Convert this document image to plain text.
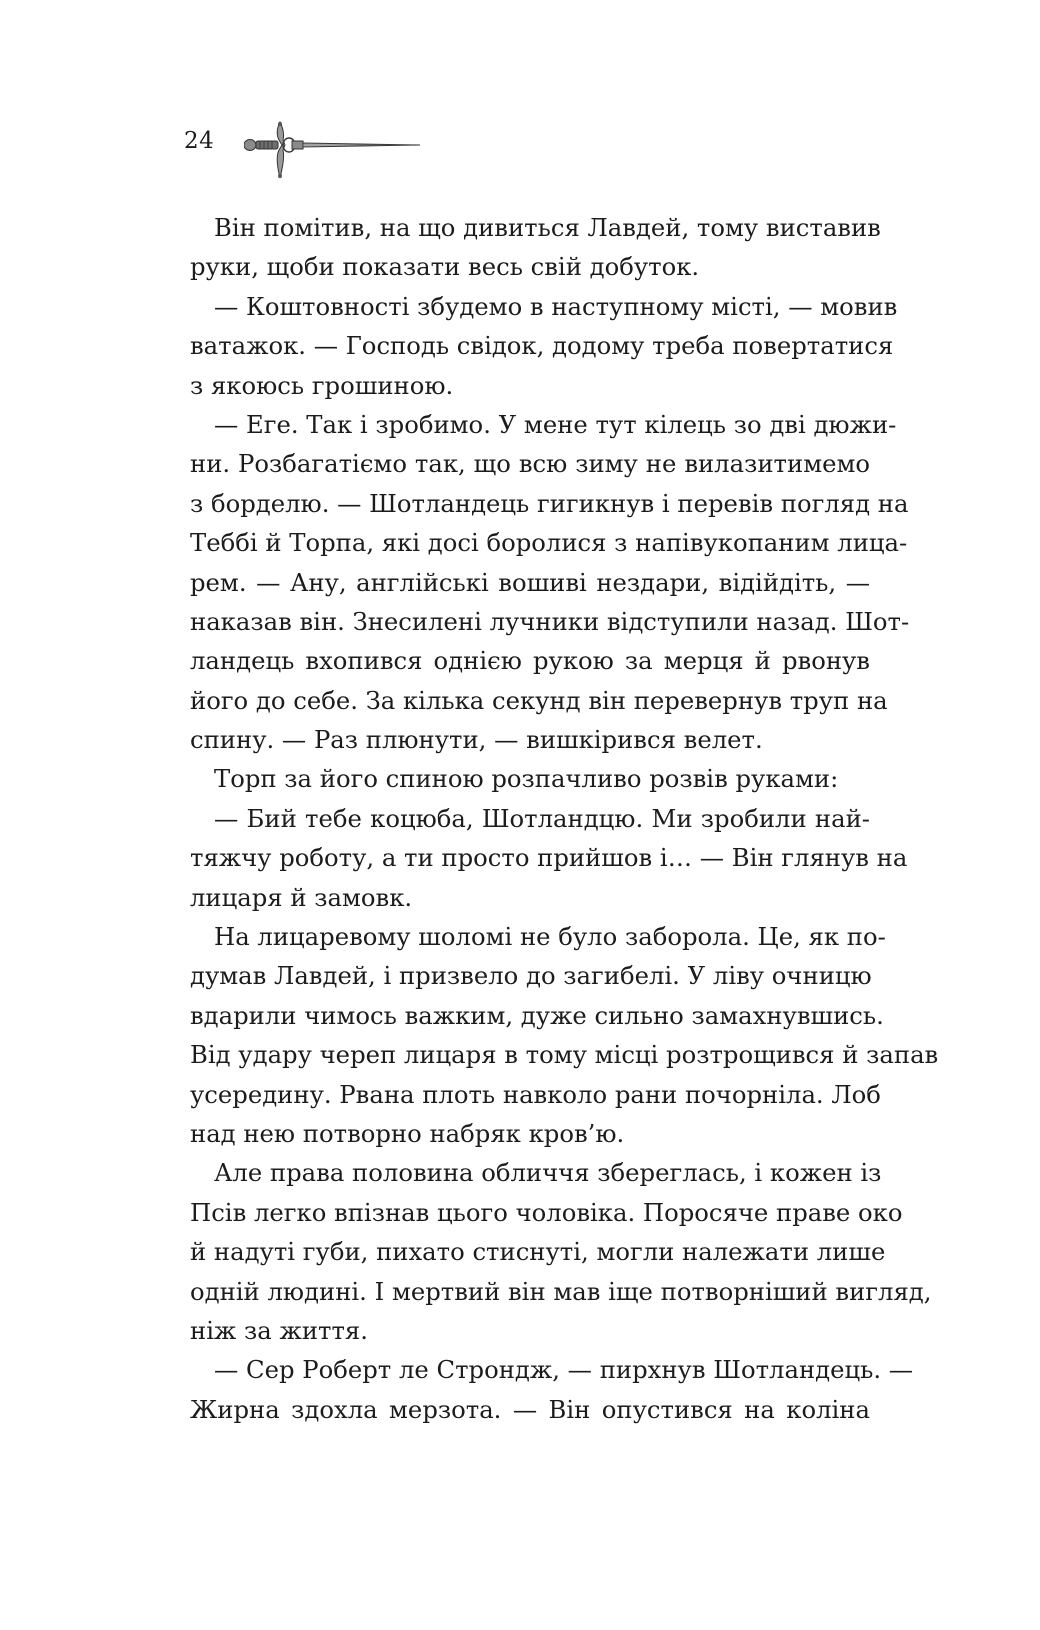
24
Він помітив, на що дивиться Лавдей, тому виставив
руки, щоби показати весь свій добуток.
— Коштовності збудемо в наступному місті, — мовив
ватажок. — Господь свідок, додому треба повертатися
з якоюсь грошиною.
— Еге. Так і зробимо. У мене тут кілець зо дві дюжи-
ни. Розбагатіємо так, що всю зиму не вилазитимемо
з борделю. — Шотландець гигикнув і перевів погляд на
Теббі й Торпа, які досі боролися з напівукопаним лица-
рем. — Ану, англійські вошиві нездари, відійдіть, —
наказав він. Знесилені лучники відступили назад. Шот-
ландець вхопився однією рукою за мерця й рвонув
його до себе. За кілька секунд він перевернув труп на
спину. — Раз плюнути, — вишкірився велет.
Торп за його спиною розпачливо розвів руками:
— Бий тебе коцюба, Шотландцю. Ми зробили най-
тяжчу роботу, а ти просто прийшов і… — Він глянув на
лицаря й замовк.
На лицаревому шоломі не було заборола. Це, як по-
думав Лавдей, і призвело до загибелі. У ліву очницю
вдарили чимось важким, дуже сильно замахнувшись.
Від удару череп лицаря в тому місці розтрощився й запав
усередину. Рвана плоть навколо рани почорніла. Лоб
над нею потворно набряк кров’ю.
Але права половина обличчя збереглась, і кожен із
Псів легко впізнав цього чоловіка. Поросяче праве око
й надуті губи, пихато стиснуті, могли належати лише
одній людині. І мертвий він мав іще потворніший вигляд,
ніж за життя.
— Сер Роберт ле Строндж, — пирхнув Шотландець. —
Жирна здохла мерзота. — Він опустився на коліна
